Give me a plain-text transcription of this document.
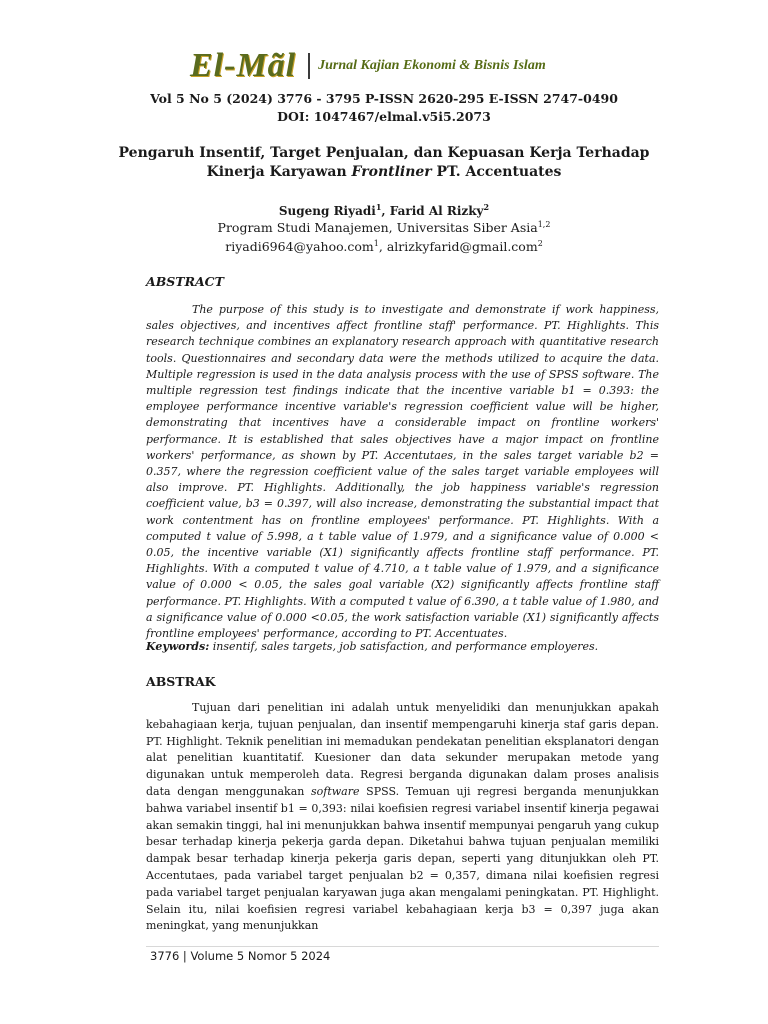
El-Mãl Jurnal Kajian Ekonomi & Bisnis Islam
Vol 5 No 5 (2024) 3776 - 3795 P-ISSN 2620-295 E-ISSN 2747-0490
DOI: 1047467/elmal.v5i5.2073
Pengaruh Insentif, Target Penjualan, dan Kepuasan Kerja Terhadap
Kinerja Karyawan Frontliner PT. Accentuates
Sugeng Riyadi$^1$, Farid Al Rizky$^2$
Program Studi Manajemen, Universitas Siber Asia$^{1,2}$
riyadi6964@yahoo.com$^1$, alrizkyfarid@gmail.com$^2$
ABSTRACT
The purpose of this study is to investigate and demonstrate if work happiness, sales objectives, and incentives affect frontline staff' performance. PT. Highlights. This research technique combines an explanatory research approach with quantitative research tools. Questionnaires and secondary data were the methods utilized to acquire the data. Multiple regression is used in the data analysis process with the use of SPSS software. The multiple regression test findings indicate that the incentive variable b1 = 0.393: the employee performance incentive variable's regression coefficient value will be higher, demonstrating that incentives have a considerable impact on frontline workers' performance. It is established that sales objectives have a major impact on frontline workers' performance, as shown by PT. Accentutaes, in the sales target variable b2 = 0.357, where the regression coefficient value of the sales target variable employees will also improve. PT. Highlights. Additionally, the job happiness variable's regression coefficient value, b3 = 0.397, will also increase, demonstrating the substantial impact that work contentment has on frontline employees' performance. PT. Highlights. With a computed t value of 5.998, a t table value of 1.979, and a significance value of 0.000 < 0.05, the incentive variable (X1) significantly affects frontline staff performance. PT. Highlights. With a computed t value of 4.710, a t table value of 1.979, and a significance value of 0.000 < 0.05, the sales goal variable (X2) significantly affects frontline staff performance. PT. Highlights. With a computed t value of 6.390, a t table value of 1.980, and a significance value of 0.000 <0.05, the work satisfaction variable (X1) significantly affects frontline employees' performance, according to PT. Accentuates.
Keywords: insentif, sales targets, job satisfaction, and performance employeres.
ABSTRAK
Tujuan dari penelitian ini adalah untuk menyelidiki dan menunjukkan apakah kebahagiaan kerja, tujuan penjualan, dan insentif mempengaruhi kinerja staf garis depan. PT. Highlight. Teknik penelitian ini memadukan pendekatan penelitian eksplanatori dengan alat penelitian kuantitatif. Kuesioner dan data sekunder merupakan metode yang digunakan untuk memperoleh data. Regresi berganda digunakan dalam proses analisis data dengan menggunakan software SPSS. Temuan uji regresi berganda menunjukkan bahwa variabel insentif b1 = 0,393: nilai koefisien regresi variabel insentif kinerja pegawai akan semakin tinggi, hal ini menunjukkan bahwa insentif mempunyai pengaruh yang cukup besar terhadap kinerja pekerja garda depan. Diketahui bahwa tujuan penjualan memiliki dampak besar terhadap kinerja pekerja garis depan, seperti yang ditunjukkan oleh PT. Accentutaes, pada variabel target penjualan b2 = 0,357, dimana nilai koefisien regresi pada variabel target penjualan karyawan juga akan mengalami peningkatan. PT. Highlight. Selain itu, nilai koefisien regresi variabel kebahagiaan kerja b3 = 0,397 juga akan meningkat, yang menunjukkan
3776 | Volume 5 Nomor 5 2024
